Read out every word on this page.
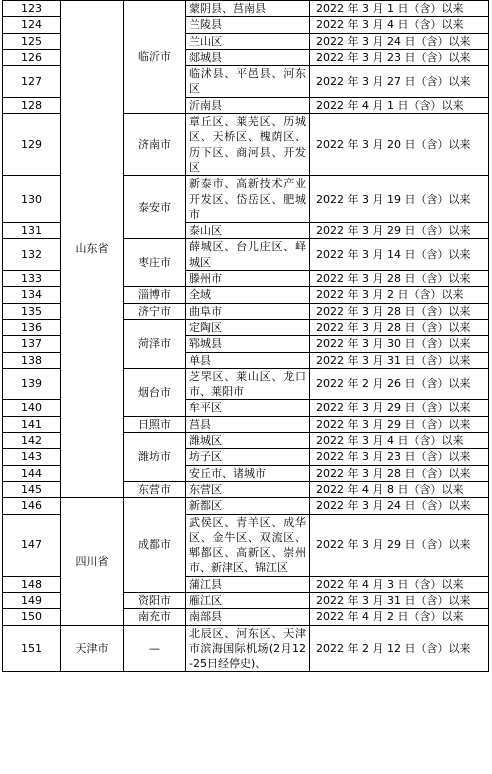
123	山东省	临沂市	蒙阴县、莒南县	2022 年 3 月 1 日（含）以来
124			兰陵县	2022 年 3 月 4 日（含）以来
125			兰山区	2022 年 3 月 24 日（含）以来
126			郯城县	2022 年 3 月 23 日（含）以来
127			临沭县、平邑县、河东区	2022 年 3 月 27 日（含）以来
128			沂南县	2022 年 4 月 1 日（含）以来
129		济南市	章丘区、莱芜区、历城区、天桥区、槐荫区、历下区、商河县、开发区	2022 年 3 月 20 日（含）以来
130		泰安市	新泰市、高新技术产业开发区、岱岳区、肥城市	2022 年 3 月 19 日（含）以来
131			泰山区	2022 年 3 月 29 日（含）以来
132		枣庄市	薛城区、台儿庄区、峄城区	2022 年 3 月 14 日（含）以来
133			滕州市	2022 年 3 月 28 日（含）以来
134		淄博市	全域	2022 年 3 月 2 日（含）以来
135		济宁市	曲阜市	2022 年 3 月 28 日（含）以来
136		菏泽市	定陶区	2022 年 3 月 28 日（含）以来
137			郓城县	2022 年 3 月 30 日（含）以来
138			单县	2022 年 3 月 31 日（含）以来
139		烟台市	芝罘区、莱山区、龙口市、莱阳市	2022 年 2 月 26 日（含）以来
140			牟平区	2022 年 3 月 29 日（含）以来
141		日照市	莒县	2022 年 3 月 29 日（含）以来
142		潍坊市	潍城区	2022 年 3 月 4 日（含）以来
143			坊子区	2022 年 3 月 23 日（含）以来
144			安丘市、诸城市	2022 年 3 月 28 日（含）以来
145		东营市	东营区	2022 年 4 月 8 日（含）以来
146	四川省	成都市	新都区	2022 年 3 月 24 日（含）以来
147			武侯区、青羊区、成华区、金牛区、双流区、郫都区、高新区、崇州市、新津区、锦江区	2022 年 3 月 29 日（含）以来
148			蒲江县	2022 年 4 月 3 日（含）以来
149		资阳市	雁江区	2022 年 3 月 31 日（含）以来
150		南充市	南部县	2022 年 4 月 2 日（含）以来
151	天津市	—	北辰区、河东区、天津市滨海国际机场(2月12-25日经停史)、	2022 年 2 月 12 日（含）以来
